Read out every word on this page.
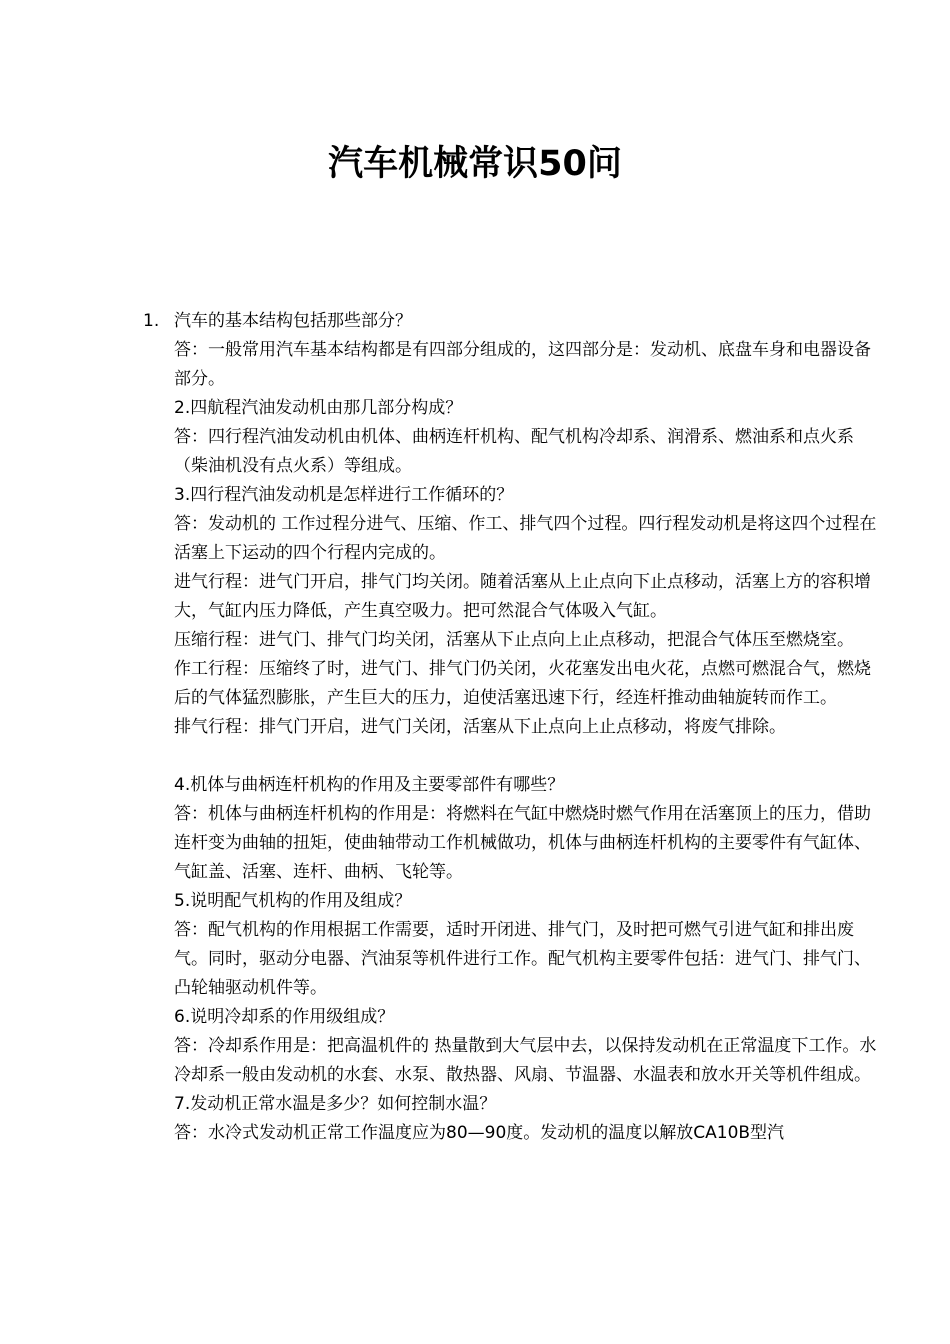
汽车机械常识50问

1. 汽车的基本结构包括那些部分？

答：一般常用汽车基本结构都是有四部分组成的，这四部分是：发动机、底盘车身和电器设备部分。

2.四航程汽油发动机由那几部分构成？

答：四行程汽油发动机由机体、曲柄连杆机构、配气机构冷却系、润滑系、燃油系和点火系（柴油机没有点火系）等组成。

3.四行程汽油发动机是怎样进行工作循环的？

答：发动机的 工作过程分进气、压缩、作工、排气四个过程。四行程发动机是将这四个过程在活塞上下运动的四个行程内完成的。

进气行程：进气门开启，排气门均关闭。随着活塞从上止点向下止点移动，活塞上方的容积增大，气缸内压力降低，产生真空吸力。把可然混合气体吸入气缸。

压缩行程：进气门、排气门均关闭，活塞从下止点向上止点移动，把混合气体压至燃烧室。

作工行程：压缩终了时，进气门、排气门仍关闭，火花塞发出电火花，点燃可燃混合气，燃烧后的气体猛烈膨胀，产生巨大的压力，迫使活塞迅速下行，经连杆推动曲轴旋转而作工。

排气行程：排气门开启，进气门关闭，活塞从下止点向上止点移动，将废气排除。

4.机体与曲柄连杆机构的作用及主要零部件有哪些？

答：机体与曲柄连杆机构的作用是：将燃料在气缸中燃烧时燃气作用在活塞顶上的压力，借助连杆变为曲轴的扭矩，使曲轴带动工作机械做功，机体与曲柄连杆机构的主要零件有气缸体、气缸盖、活塞、连杆、曲柄、飞轮等。

5.说明配气机构的作用及组成？

答：配气机构的作用根据工作需要，适时开闭进、排气门，及时把可燃气引进气缸和排出废气。同时，驱动分电器、汽油泵等机件进行工作。配气机构主要零件包括：进气门、排气门、凸轮轴驱动机件等。

6.说明冷却系的作用级组成？

答：冷却系作用是：把高温机件的 热量散到大气层中去，以保持发动机在正常温度下工作。水冷却系一般由发动机的水套、水泵、散热器、风扇、节温器、水温表和放水开关等机件组成。

7.发动机正常水温是多少？如何控制水温？

答：水冷式发动机正常工作温度应为80—90度。发动机的温度以解放CA10B型汽
